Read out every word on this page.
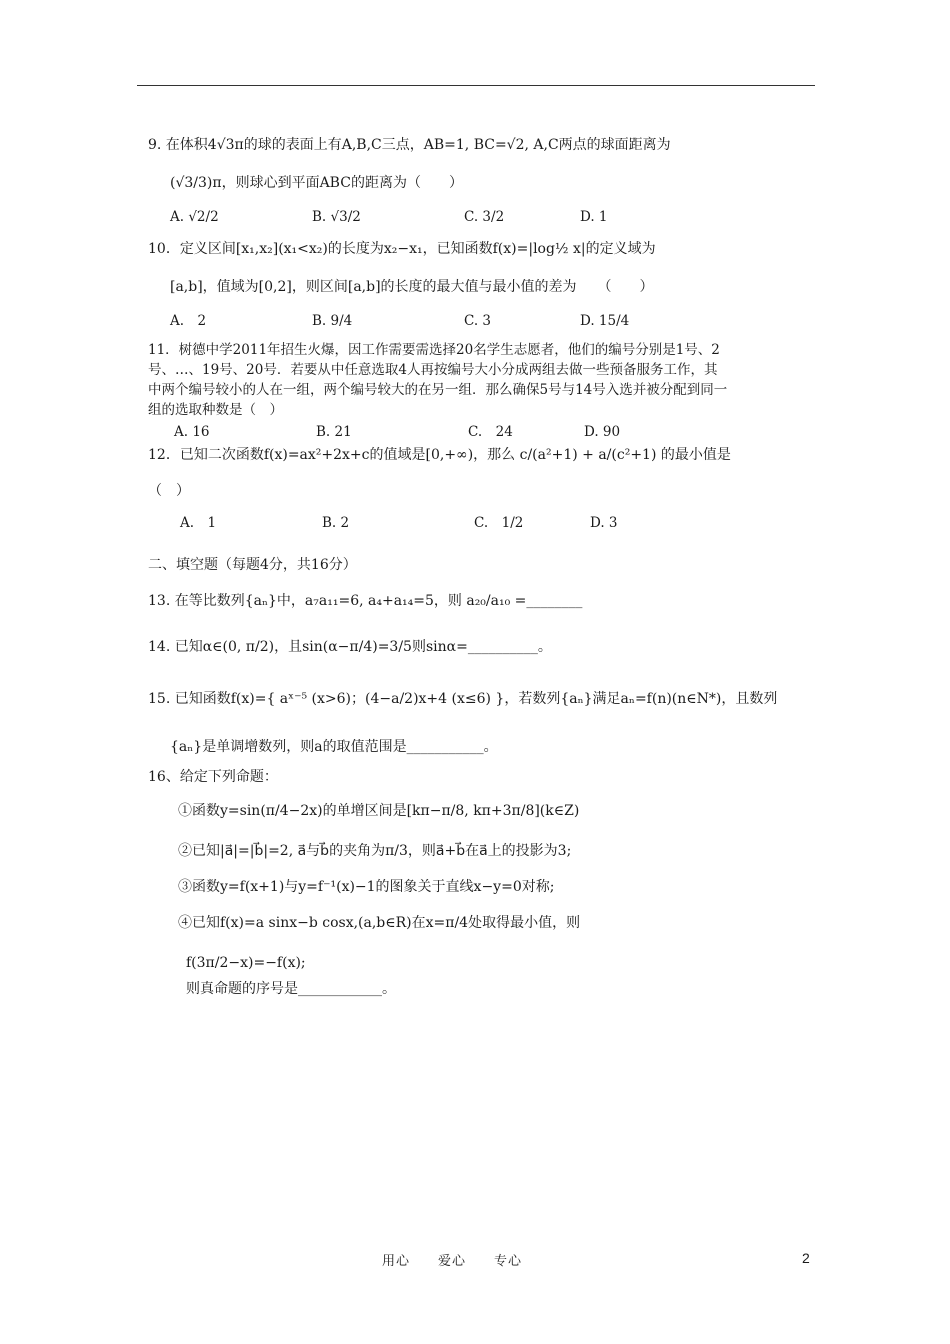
9. 在体积4√3π的球的表面上有A,B,C三点，AB=1, BC=√2, A,C两点的球面距离为
(√3/3)π，则球心到平面ABC的距离为（　　）
A. √2/2	B. √3/2	C. 3/2	D. 1
10．定义区间[x₁,x₂](x₁<x₂)的长度为x₂−x₁，已知函数f(x)=|log½ x|的定义域为
[a,b]，值域为[0,2]，则区间[a,b]的长度的最大值与最小值的差为　　（　　）
A.　2	B. 9/4	C. 3	D. 15/4
11．树德中学2011年招生火爆，因工作需要需选择20名学生志愿者，他们的编号分别是1号、2号、…、19号、20号．若要从中任意选取4人再按编号大小分成两组去做一些预备服务工作，其中两个编号较小的人在一组，两个编号较大的在另一组．那么确保5号与14号入选并被分配到同一组的选取种数是（　）
A. 16	B. 21	C.　24	D. 90
12．已知二次函数f(x)=ax²+2x+c的值域是[0,+∞)，那么 c/(a²+1) + a/(c²+1) 的最小值是
（　）
A.　1	B. 2	C.　1/2	D. 3
二、填空题（每题4分，共16分）
13. 在等比数列{aₙ}中，a₇a₁₁=6, a₄+a₁₄=5，则 a₂₀/a₁₀ =________
14. 已知α∈(0, π/2)，且sin(α−π/4)=3/5则sinα=__________。
15. 已知函数f(x)={ aˣ⁻⁵ (x>6)；(4−a/2)x+4 (x≤6) }，若数列{aₙ}满足aₙ=f(n)(n∈N*)，且数列
{aₙ}是单调增数列，则a的取值范围是___________。
16、给定下列命题：
①函数y=sin(π/4−2x)的单增区间是[kπ−π/8, kπ+3π/8](k∈Z)
②已知|a⃗|=|b⃗|=2, a⃗与b⃗的夹角为π/3，则a⃗+b⃗在a⃗上的投影为3;
③函数y=f(x+1)与y=f⁻¹(x)−1的图象关于直线x−y=0对称;
④已知f(x)=a sinx−b cosx,(a,b∈R)在x=π/4处取得最小值，则
f(3π/2−x)=−f(x);
则真命题的序号是____________。
用心　　爱心　　专心	2
